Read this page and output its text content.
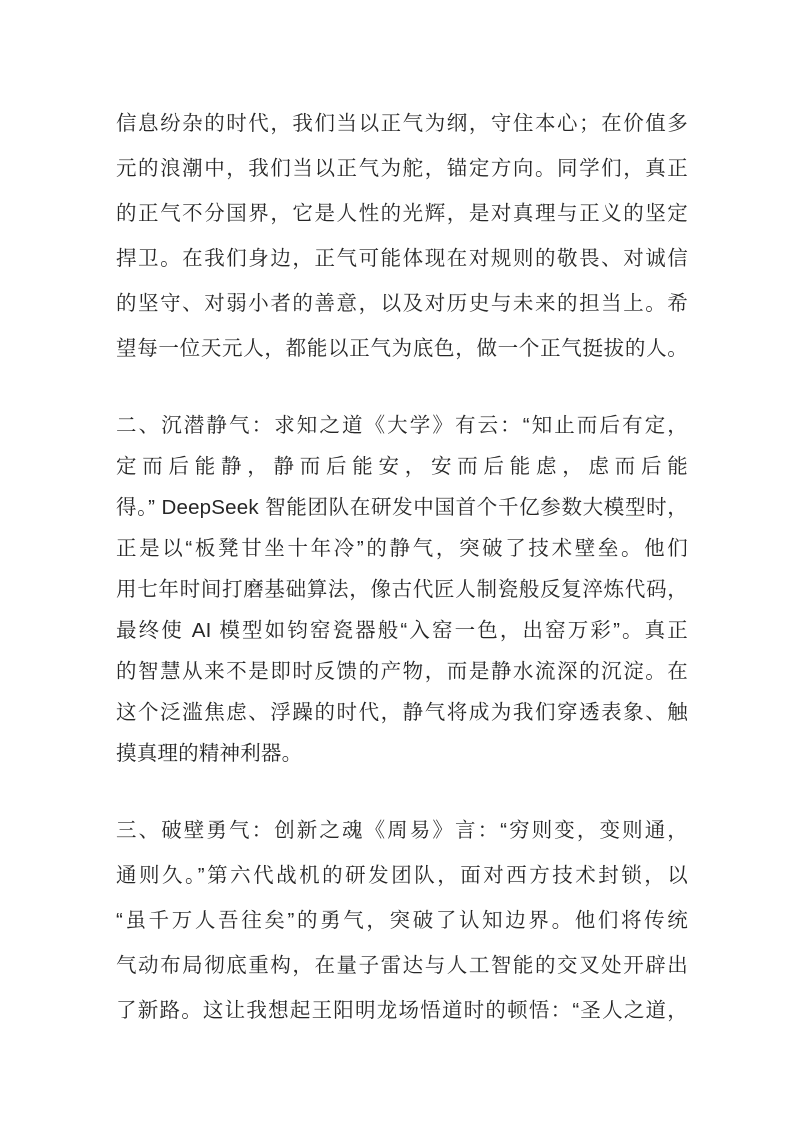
信息纷杂的时代，我们当以正气为纲，守住本心；在价值多
元的浪潮中，我们当以正气为舵，锚定方向。同学们，真正
的正气不分国界，它是人性的光辉，是对真理与正义的坚定
捍卫。在我们身边，正气可能体现在对规则的敬畏、对诚信
的坚守、对弱小者的善意，以及对历史与未来的担当上。希
望每一位天元人，都能以正气为底色，做一个正气挺拔的人。
二、沉潜静气：求知之道《大学》有云：“知止而后有定，
定而后能静，静而后能安，安而后能虑，虑而后能
得。” DeepSeek 智能团队在研发中国首个千亿参数大模型时，
正是以“板凳甘坐十年冷”的静气，突破了技术壁垒。他们
用七年时间打磨基础算法，像古代匠人制瓷般反复淬炼代码，
最终使 AI 模型如钧窑瓷器般“入窑一色，出窑万彩”。真正
的智慧从来不是即时反馈的产物，而是静水流深的沉淀。在
这个泛滥焦虑、浮躁的时代，静气将成为我们穿透表象、触
摸真理的精神利器。
三、破壁勇气：创新之魂《周易》言：“穷则变，变则通，
通则久。”第六代战机的研发团队，面对西方技术封锁，以
“虽千万人吾往矣”的勇气，突破了认知边界。他们将传统
气动布局彻底重构，在量子雷达与人工智能的交叉处开辟出
了新路。这让我想起王阳明龙场悟道时的顿悟：“圣人之道，
